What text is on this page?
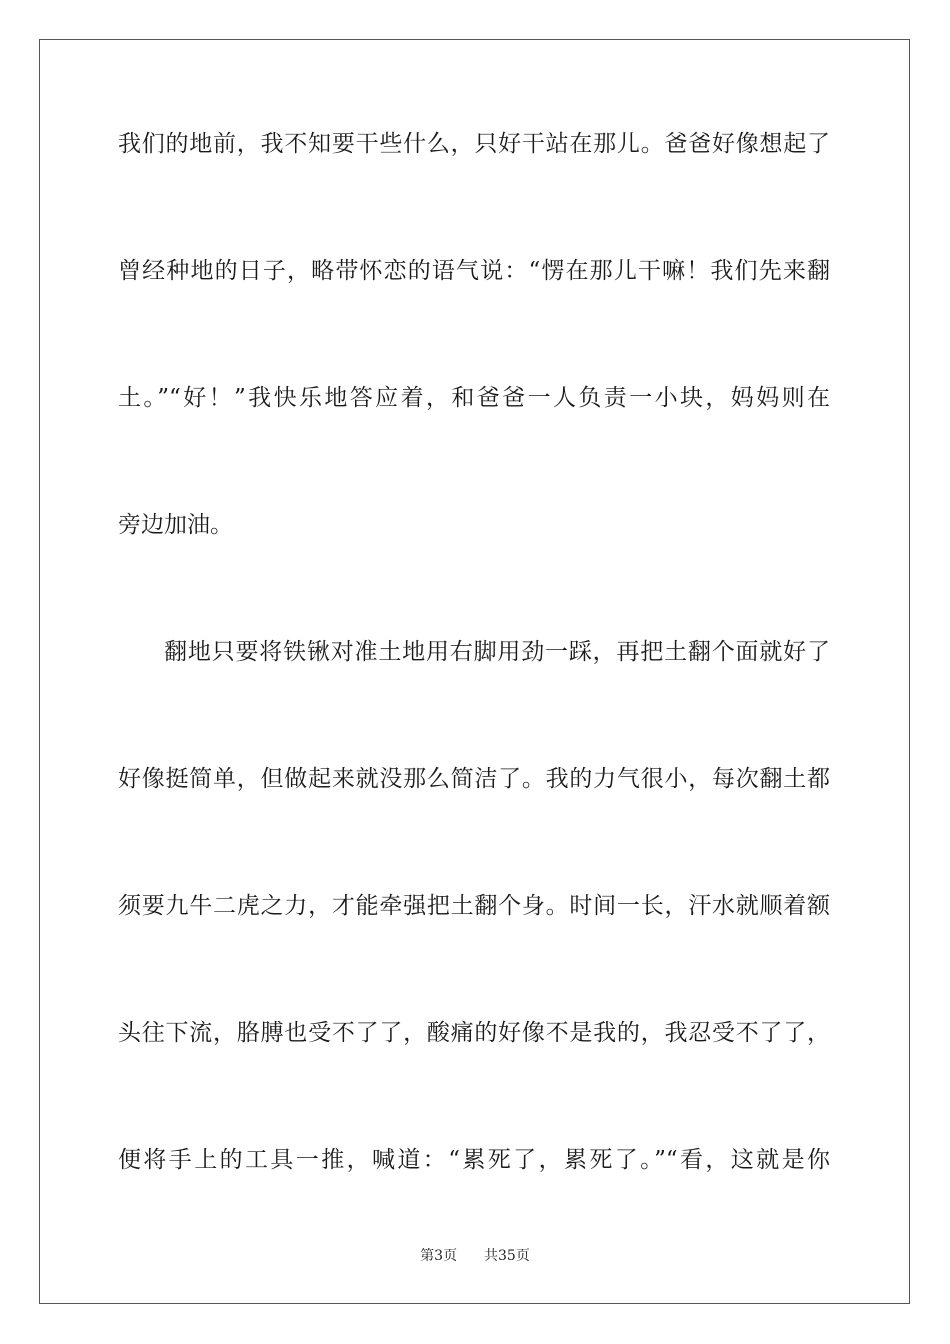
我们的地前，我不知要干些什么，只好干站在那儿。爸爸好像想起了
曾经种地的日子，略带怀恋的语气说：“愣在那儿干嘛！我们先来翻
土。”“好！”我快乐地答应着，和爸爸一人负责一小块，妈妈则在
旁边加油。
翻地只要将铁锹对准土地用右脚用劲一踩，再把土翻个面就好了
好像挺简单，但做起来就没那么简洁了。我的力气很小，每次翻土都
须要九牛二虎之力，才能牵强把土翻个身。时间一长，汗水就顺着额
头往下流，胳膊也受不了了，酸痛的好像不是我的，我忍受不了了，
便将手上的工具一推，喊道：“累死了，累死了。”“看，这就是你
第3页 共35页
